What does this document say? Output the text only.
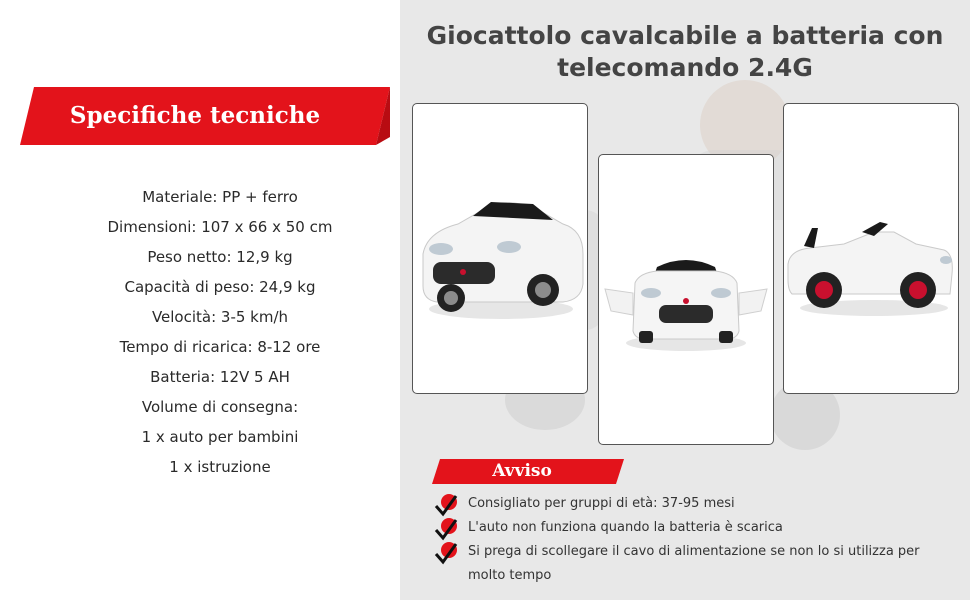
Specifiche tecniche
Materiale: PP + ferro
Dimensioni: 107 x 66 x 50 cm
Peso netto: 12,9 kg
Capacità di peso: 24,9 kg
Velocità: 3-5 km/h
Tempo di ricarica: 8-12 ore
Batteria: 12V 5 AH
Volume di consegna:
1 x auto per bambini
1 x istruzione
Giocattolo cavalcabile a batteria con telecomando 2.4G
Avviso
Consigliato per gruppi di età: 37-95 mesi
L'auto non funziona quando la batteria è scarica
Si prega di scollegare il cavo di alimentazione se non lo si utilizza per molto tempo
